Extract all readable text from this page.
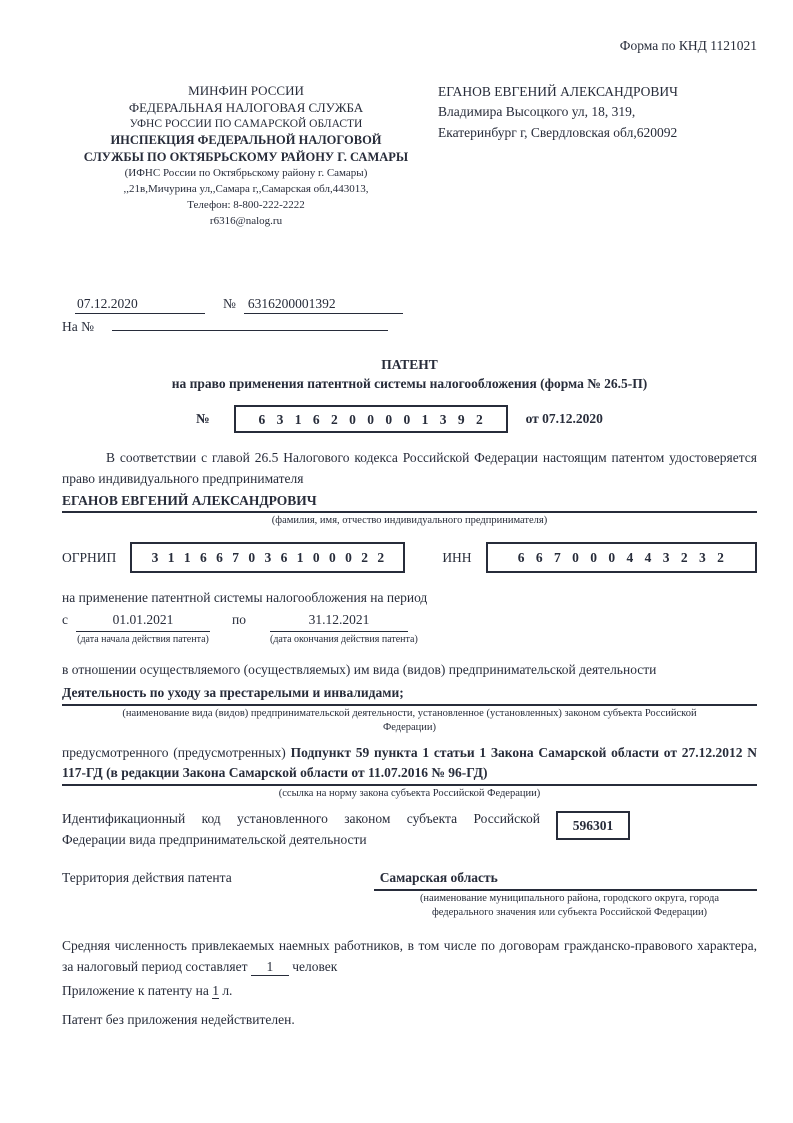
Форма по КНД 1121021
МИНФИН РОССИИ
ФЕДЕРАЛЬНАЯ НАЛОГОВАЯ СЛУЖБА
УФНС РОССИИ ПО САМАРСКОЙ ОБЛАСТИ
ИНСПЕКЦИЯ ФЕДЕРАЛЬНОЙ НАЛОГОВОЙ
СЛУЖБЫ ПО ОКТЯБРЬСКОМУ РАЙОНУ Г. САМАРЫ
(ИФНС России по Октябрьскому району г. Самары)
,,21в,Мичурина ул,,Самара г,,Самарская обл,443013,
Телефон: 8-800-222-2222
r6316@nalog.ru
ЕГАНОВ ЕВГЕНИЙ АЛЕКСАНДРОВИЧ
Владимира Высоцкого ул, 18, 319,
Екатеринбург г, Свердловская обл,620092
07.12.2020	№ 6316200001392
На №
ПАТЕНТ
на право применения патентной системы налогообложения (форма № 26.5-П)
№	6 3 1 6 2 0 0 0 0 1 3 9 2	от 07.12.2020

В соответствии с главой 26.5 Налогового кодекса Российской Федерации настоящим патентом удостоверяется право индивидуального предпринимателя

ЕГАНОВ ЕВГЕНИЙ АЛЕКСАНДРОВИЧ
(фамилия, имя, отчество индивидуального предпринимателя)
ОГРНИП	3 1 1 6 6 7 0 3 6 1 0 0 0 2 2	ИНН	6 6 7 0 0 0 4 4 3 2 3 2
на применение патентной системы налогообложения на период
с	01.01.2021
(дата начала действия патента)
по	31.12.2021
(дата окончания действия патента)

в отношении осуществляемого (осуществляемых) им вида (видов) предпринимательской деятельности

Деятельность по уходу за престарелыми и инвалидами;
(наименование вида (видов) предпринимательской деятельности, установленное (установленных) законом субъекта Российской Федерации)

предусмотренного (предусмотренных) Подпункт 59 пункта 1 статьи 1 Закона Самарской области от 27.12.2012 N 117-ГД (в редакции Закона Самарской области от 11.07.2016 № 96-ГД)

(ссылка на норму закона субъекта Российской Федерации)
Идентификационный код установленного законом субъекта Российской Федерации вида предпринимательской деятельности
596301
Территория действия патента	Самарская область
(наименование муниципального района, городского округа, города
федерального значения или субъекта Российской Федерации)

Средняя численность привлекаемых наемных работников, в том числе по договорам гражданско-правового характера, за налоговый период составляет 1 человек

Приложение к патенту на 1 л.

Патент без приложения недействителен.
